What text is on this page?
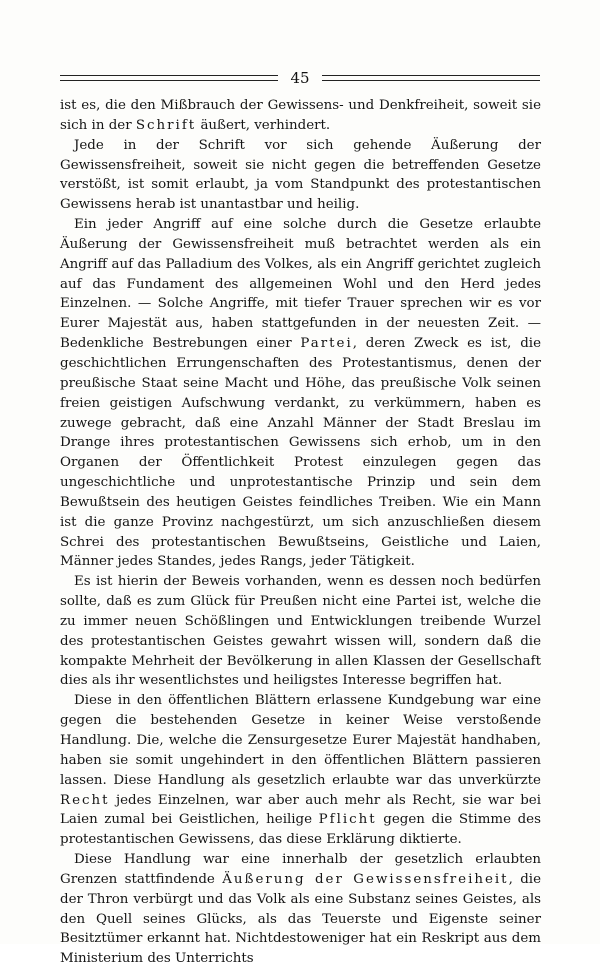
45

ist es, die den Mißbrauch der Gewissens- und Denkfreiheit, soweit sie sich in der Schrift äußert, verhindert.

Jede in der Schrift vor sich gehende Äußerung der Gewissensfreiheit, soweit sie nicht gegen die betreffenden Gesetze verstößt, ist somit erlaubt, ja vom Standpunkt des protestantischen Gewissens herab ist unantastbar und heilig.

Ein jeder Angriff auf eine solche durch die Gesetze erlaubte Äußerung der Gewissensfreiheit muß betrachtet werden als ein Angriff auf das Palladium des Volkes, als ein Angriff gerichtet zugleich auf das Fundament des allgemeinen Wohl und den Herd jedes Einzelnen. — Solche Angriffe, mit tiefer Trauer sprechen wir es vor Eurer Majestät aus, haben stattgefunden in der neuesten Zeit. — Bedenkliche Bestrebungen einer Partei, deren Zweck es ist, die geschichtlichen Errungenschaften des Protestantismus, denen der preußische Staat seine Macht und Höhe, das preußische Volk seinen freien geistigen Aufschwung verdankt, zu verkümmern, haben es zuwege gebracht, daß eine Anzahl Männer der Stadt Breslau im Drange ihres protestantischen Gewissens sich erhob, um in den Organen der Öffentlichkeit Protest einzulegen gegen das ungeschichtliche und unprotestantische Prinzip und sein dem Bewußtsein des heutigen Geistes feindliches Treiben. Wie ein Mann ist die ganze Provinz nachgestürzt, um sich anzuschließen diesem Schrei des protestantischen Bewußtseins, Geistliche und Laien, Männer jedes Standes, jedes Rangs, jeder Tätigkeit.

Es ist hierin der Beweis vorhanden, wenn es dessen noch bedürfen sollte, daß es zum Glück für Preußen nicht eine Partei ist, welche die zu immer neuen Schößlingen und Entwicklungen treibende Wurzel des protestantischen Geistes gewahrt wissen will, sondern daß die kompakte Mehrheit der Bevölkerung in allen Klassen der Gesellschaft dies als ihr wesentlichstes und heiligstes Interesse begriffen hat.

Diese in den öffentlichen Blättern erlassene Kundgebung war eine gegen die bestehenden Gesetze in keiner Weise verstoßende Handlung. Die, welche die Zensurgesetze Eurer Majestät handhaben, haben sie somit ungehindert in den öffentlichen Blättern passieren lassen. Diese Handlung als gesetzlich erlaubte war das unverkürzte Recht jedes Einzelnen, war aber auch mehr als Recht, sie war bei Laien zumal bei Geistlichen, heilige Pflicht gegen die Stimme des protestantischen Gewissens, das diese Erklärung diktierte.

Diese Handlung war eine innerhalb der gesetzlich erlaubten Grenzen stattfindende Äußerung der Gewissensfreiheit, die der Thron verbürgt und das Volk als eine Substanz seines Geistes, als den Quell seines Glücks, als das Teuerste und Eigenste seiner Besitztümer erkannt hat. Nichtdestoweniger hat ein Reskript aus dem Ministerium des Unterrichts
